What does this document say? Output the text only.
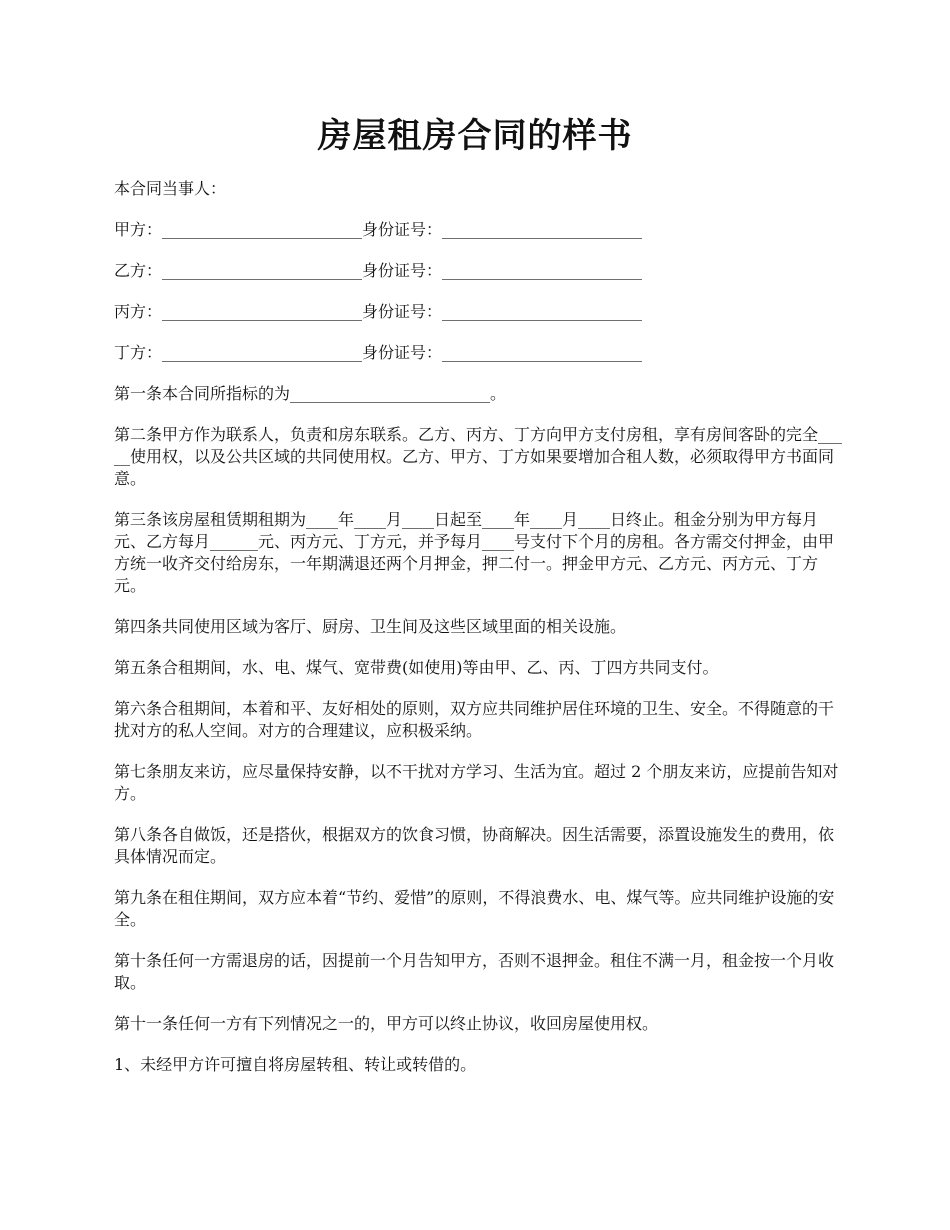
房屋租房合同的样书

本合同当事人：

甲方：_________________________身份证号：_________________________

乙方：_________________________身份证号：_________________________

丙方：_________________________身份证号：_________________________

丁方：_________________________身份证号：_________________________

第一条本合同所指标的为_________________________。

第二条甲方作为联系人，负责和房东联系。乙方、丙方、丁方向甲方支付房租，享有房间客卧的完全_____使用权，以及公共区域的共同使用权。乙方、甲方、丁方如果要增加合租人数，必须取得甲方书面同意。

第三条该房屋租赁期租期为____年____月____日起至____年____月____日终止。租金分别为甲方每月元、乙方每月______元、丙方元、丁方元，并予每月____号支付下个月的房租。各方需交付押金，由甲方统一收齐交付给房东，一年期满退还两个月押金，押二付一。押金甲方元、乙方元、丙方元、丁方元。

第四条共同使用区域为客厅、厨房、卫生间及这些区域里面的相关设施。

第五条合租期间，水、电、煤气、宽带费(如使用)等由甲、乙、丙、丁四方共同支付。

第六条合租期间，本着和平、友好相处的原则，双方应共同维护居住环境的卫生、安全。不得随意的干扰对方的私人空间。对方的合理建议，应积极采纳。

第七条朋友来访，应尽量保持安静，以不干扰对方学习、生活为宜。超过 2 个朋友来访，应提前告知对方。

第八条各自做饭，还是搭伙，根据双方的饮食习惯，协商解决。因生活需要，添置设施发生的费用，依具体情况而定。

第九条在租住期间，双方应本着“节约、爱惜”的原则，不得浪费水、电、煤气等。应共同维护设施的安全。

第十条任何一方需退房的话，因提前一个月告知甲方，否则不退押金。租住不满一月，租金按一个月收取。

第十一条任何一方有下列情况之一的，甲方可以终止协议，收回房屋使用权。

1、未经甲方许可擅自将房屋转租、转让或转借的。
